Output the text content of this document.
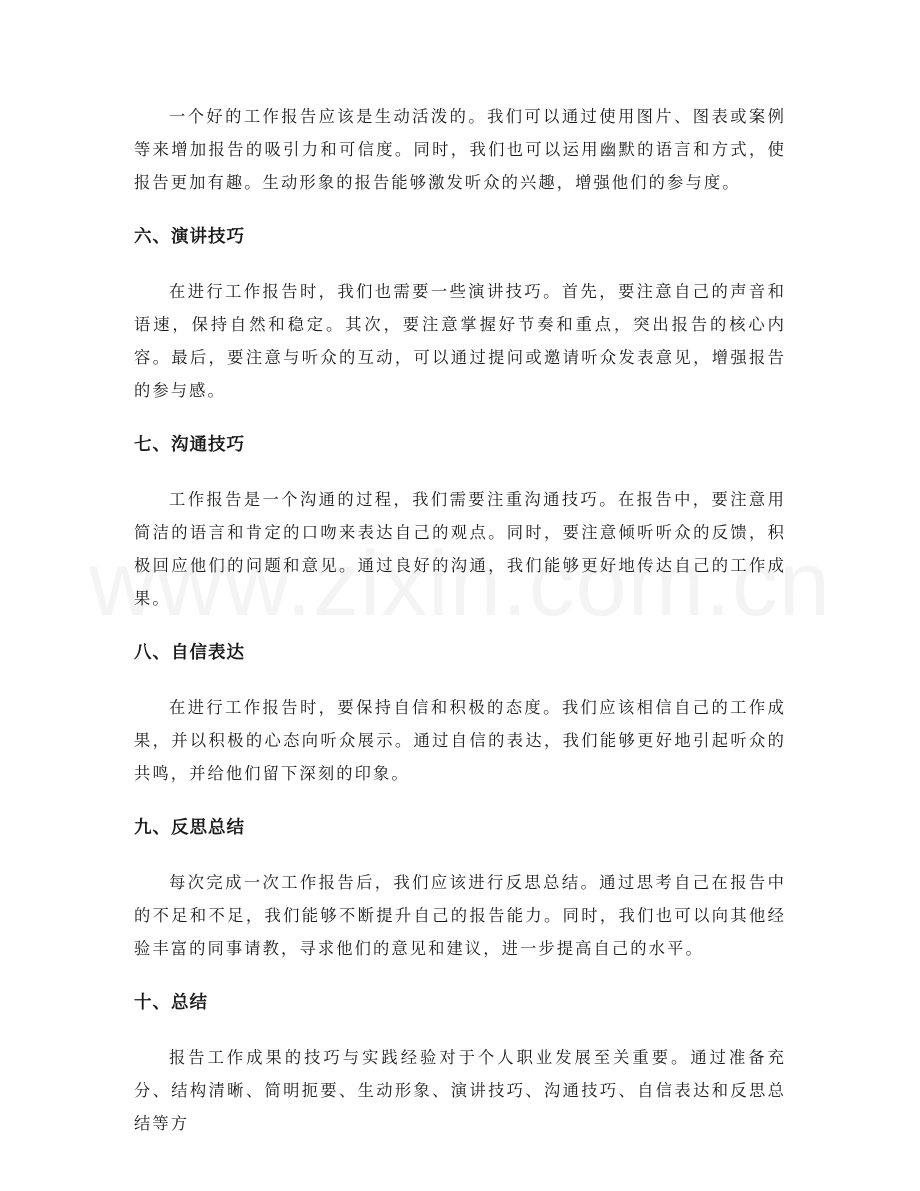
一个好的工作报告应该是生动活泼的。我们可以通过使用图片、图表或案例等来增加报告的吸引力和可信度。同时，我们也可以运用幽默的语言和方式，使报告更加有趣。生动形象的报告能够激发听众的兴趣，增强他们的参与度。

六、演讲技巧

在进行工作报告时，我们也需要一些演讲技巧。首先，要注意自己的声音和语速，保持自然和稳定。其次，要注意掌握好节奏和重点，突出报告的核心内容。最后，要注意与听众的互动，可以通过提问或邀请听众发表意见，增强报告的参与感。

七、沟通技巧

工作报告是一个沟通的过程，我们需要注重沟通技巧。在报告中，要注意用简洁的语言和肯定的口吻来表达自己的观点。同时，要注意倾听听众的反馈，积极回应他们的问题和意见。通过良好的沟通，我们能够更好地传达自己的工作成果。

八、自信表达

在进行工作报告时，要保持自信和积极的态度。我们应该相信自己的工作成果，并以积极的心态向听众展示。通过自信的表达，我们能够更好地引起听众的共鸣，并给他们留下深刻的印象。

九、反思总结

每次完成一次工作报告后，我们应该进行反思总结。通过思考自己在报告中的不足和不足，我们能够不断提升自己的报告能力。同时，我们也可以向其他经验丰富的同事请教，寻求他们的意见和建议，进一步提高自己的水平。

十、总结

报告工作成果的技巧与实践经验对于个人职业发展至关重要。通过准备充分、结构清晰、简明扼要、生动形象、演讲技巧、沟通技巧、自信表达和反思总结等方
